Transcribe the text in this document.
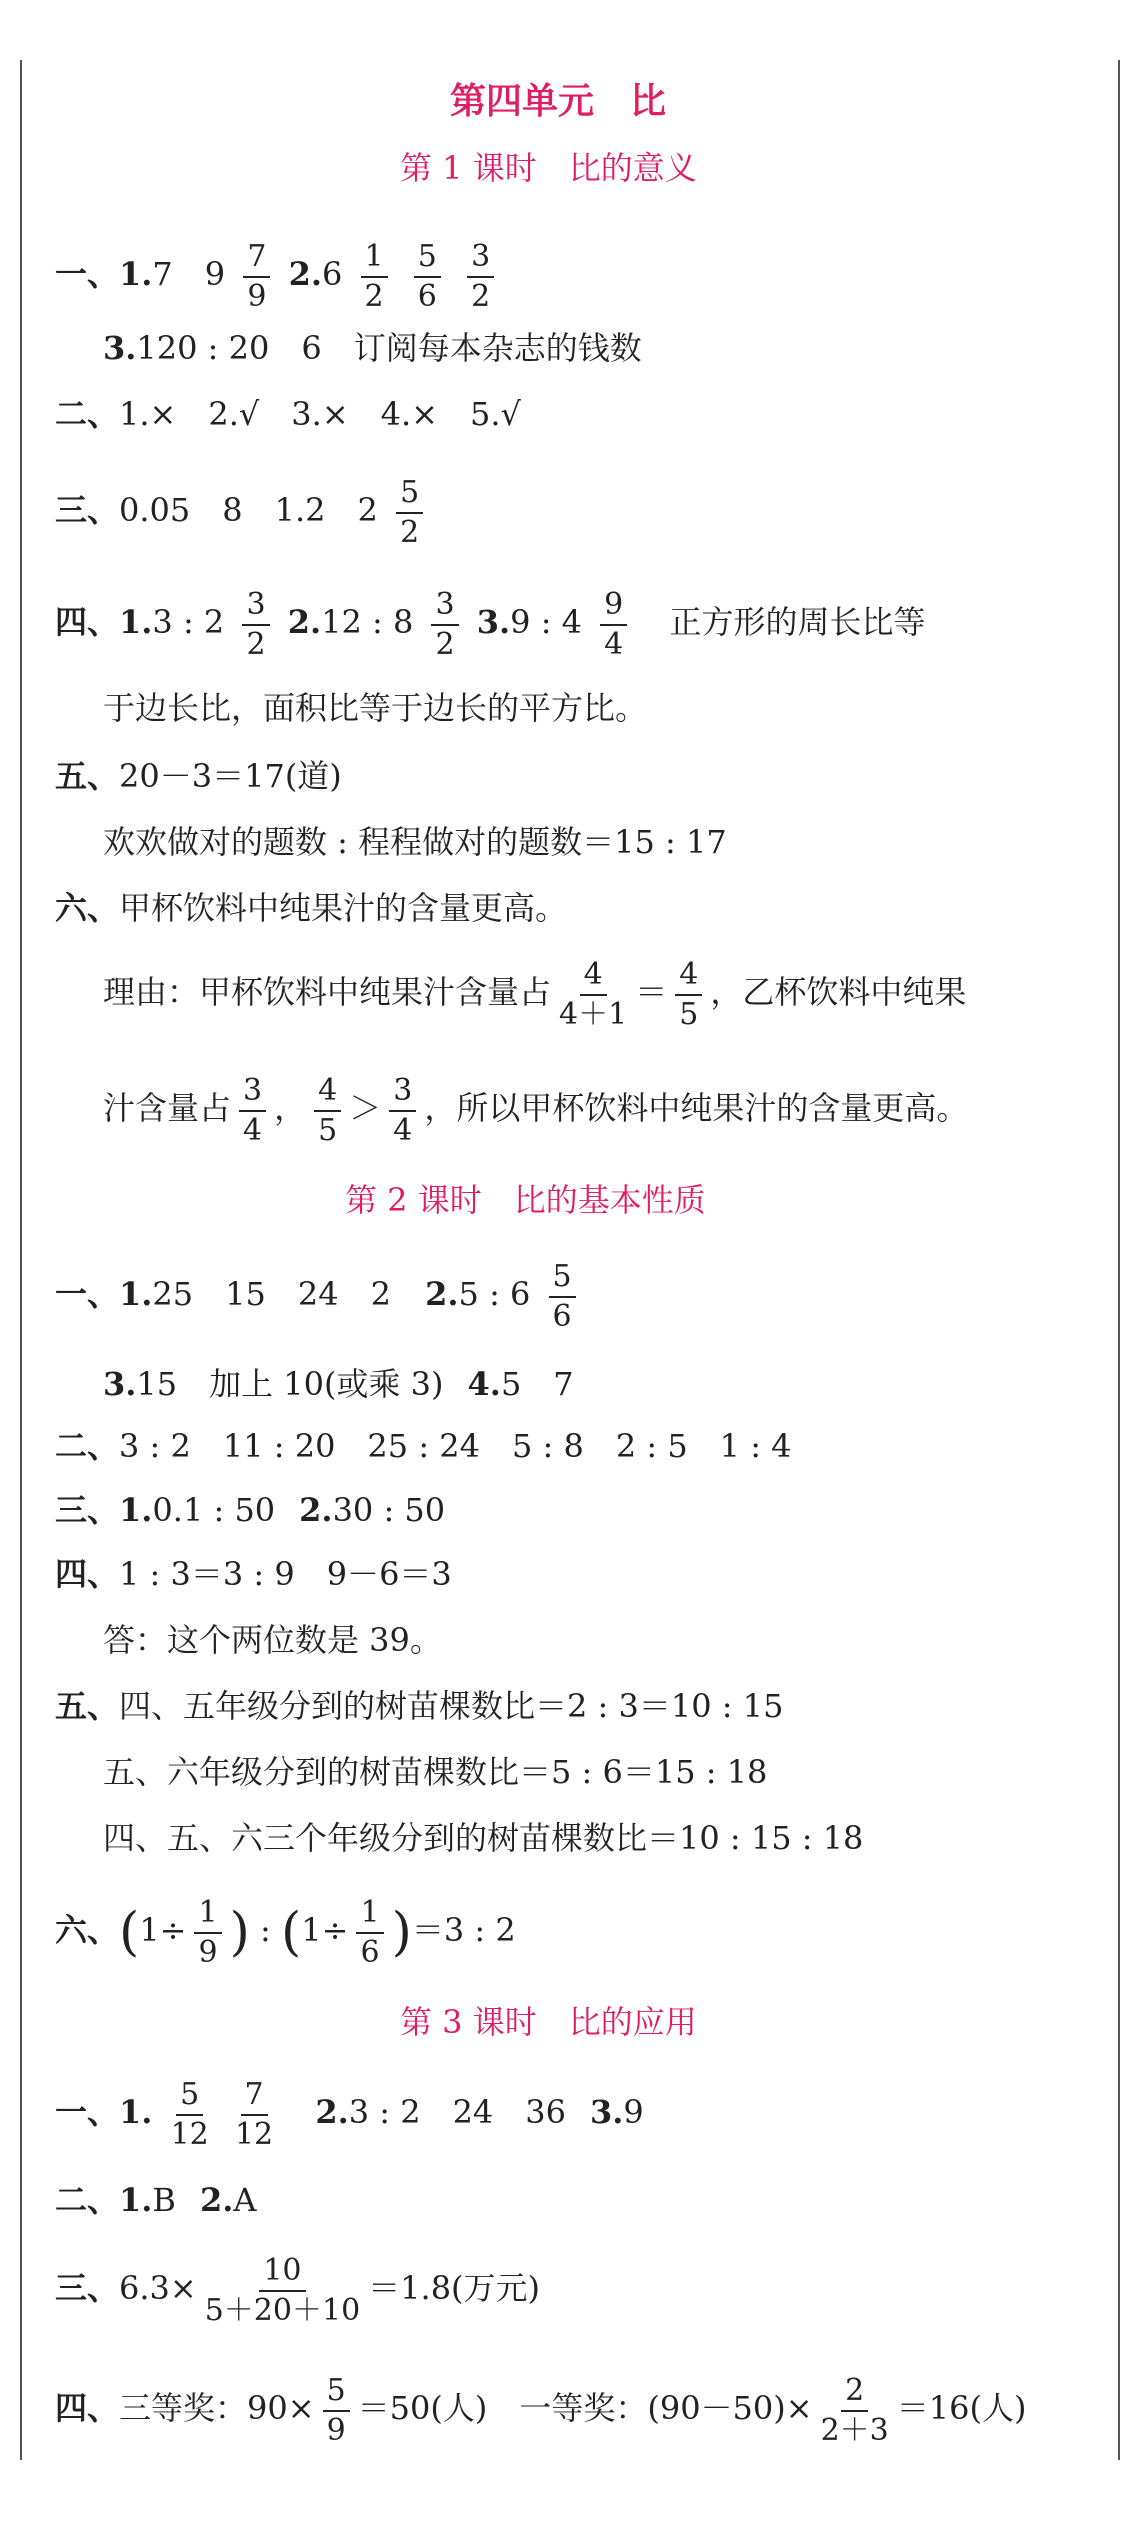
第四单元　比
第 1 课时　比的意义
一、1.7　$9 \frac{7}{9} 2.6 \frac{1}{2}$
$\frac{5}{6}$
$\frac{3}{2}$
3.120 : 20　6　订阅每本杂志的钱数
二、1.×　2.√　3.×　4.×　5.√
三、0.05　8　1.2　$2 \frac{5}{2}$
四、1.3 : $2 \frac{3}{2} 2.12$ : $8 \frac{3}{2} 3.9$ : $4 \frac{9}{4}$ 正方形的周长比等
于边长比，面积比等于边长的平方比。
五、20－3＝17(道)
欢欢做对的题数 : 程程做对的题数＝15 : 17
六、甲杯饮料中纯果汁的含量更高。
理由：甲杯饮料中纯果汁含量占 $\frac{4}{4+1} = \frac{4}{5}$ ，乙杯饮料中纯果
汁含量占 $\frac{3}{4}$ ， $\frac{4}{5} > \frac{3}{4}$ ，所以甲杯饮料中纯果汁的含量更高。
第 2 课时　比的基本性质
一、1.25　15　24　2 2.5 : $6 \frac{5}{6}$
3.15　加上 10(或乘 3) 4.5　7
二、3 : 2　11 : 20　25 : 24　5 : 8　2 : 5　1 : 4
三、1.0.1 : 50 2.30 : 50
四、1 : 3＝3 : 9　9－6＝3
答：这个两位数是 39。
五、四、五年级分到的树苗棵数比＝2 : 3＝10 : 15
五、六年级分到的树苗棵数比＝5 : 6＝15 : 18
四、五、六三个年级分到的树苗棵数比＝10 : 15 : 18
六、($1\div \frac{1}{9}$ ) : $(1\div \frac{1}{6} )=3$ : 2
第 3 课时　比的应用
一、1. $\frac{5}{12}$
$\frac{7}{12} 2.3$ : 2　24　36 3.9
二、1.B 2.A
三、$6.3\times \frac{10}{5+20+10} =1.8$(万元)
四、三等奖：$90\times \frac{5}{9} =50$(人)　一等奖：$(90-50)\times \frac{2}{2+3} =16$(人)
